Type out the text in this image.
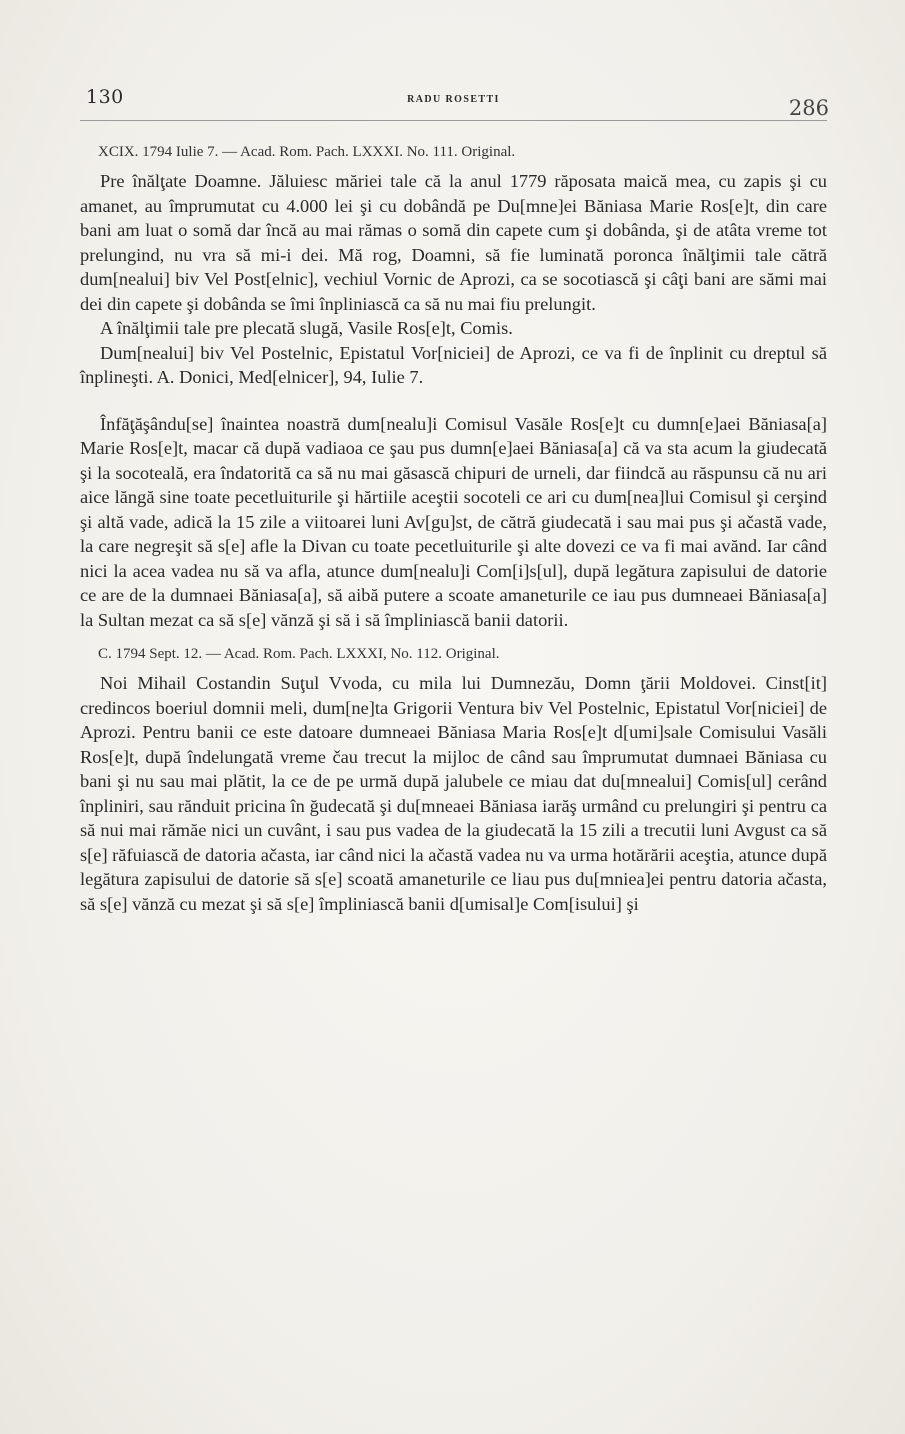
130	RADU ROSETTI	286
XCIX. 1794 Iulie 7. — Acad. Rom. Pach. LXXXI. No. 111. Original.

Pre înălţate Doamne. Jăluiesc măriei tale că la anul 1779 răposata maică mea, cu zapis şi cu amanet, au împrumutat cu 4.000 lei şi cu dobândă pe Du[mne]ei Băniasa Marie Ros[e]t, din care bani am luat o somă dar încă au mai rămas o somă din capete cum şi dobânda, şi de atâta vreme tot prelungind, nu vra să mi-i dei. Mă rog, Doamni, să fie luminată poronca înălţimii tale cătră dum[nealui] biv Vel Post[elnic], vechiul Vornic de Aprozi, ca se socotiască şi câţi bani are sămi mai dei din capete şi dobânda se îmi înpliniască ca să nu mai fiu prelungit.

A înălţimii tale pre plecată slugă, Vasile Ros[e]t, Comis.

Dum[nealui] biv Vel Postelnic, Epistatul Vor[niciei] de Aprozi, ce va fi de înplinit cu dreptul să înplineşti. A. Donici, Med[elnicer], 94, Iulie 7.

Înfăţăşându[se] înaintea noastră dum[nealu]i Comisul Vasăle Ros[e]t cu dumn[e]aei Băniasa[a] Marie Ros[e]t, macar că după vadiaoa ce şau pus dumn[e]aei Băniasa[a] că va sta acum la giudecată şi la socoteală, era îndatorită ca să nu mai găsască chipuri de urneli, dar fiindcă au răspunsu că nu ari aice lăngă sine toate pecetluiturile şi hărtiile aceştii socoteli ce ari cu dum[nea]lui Comisul şi cerşind şi altă vade, adică la 15 zile a viitoarei luni Av[gu]st, de cătră giudecată i sau mai pus şi ačastă vade, la care negreşit să s[e] afle la Divan cu toate pecetluiturile şi alte dovezi ce va fi mai avănd. Iar când nici la acea vadea nu să va afla, atunce dum[nealu]i Com[i]s[ul], după legătura zapisului de datorie ce are de la dumnaei Băniasa[a], să aibă putere a scoate amaneturile ce iau pus dumneaei Băniasa[a] la Sultan mezat ca să s[e] vănză şi să i să împliniască banii datorii.

C. 1794 Sept. 12. — Acad. Rom. Pach. LXXXI, No. 112. Original.

Noi Mihail Costandin Suţul Vvoda, cu mila lui Dumnezău, Domn ţării Moldovei. Cinst[it] credincos boeriul domnii meli, dum[ne]ta Grigorii Ventura biv Vel Postelnic, Epistatul Vor[niciei] de Aprozi. Pentru banii ce este datoare dumneaei Băniasa Maria Ros[e]t d[umi]sale Comisului Vasăli Ros[e]t, după îndelungată vreme čau trecut la mijloc de când sau împrumutat dumnaei Băniasa cu bani şi nu sau mai plătit, la ce de pe urmă după jalubele ce miau dat du[mnealui] Comis[ul] cerând înpliniri, sau rănduit pricina în ğudecată şi du[mneaei Băniasa iarăş urmând cu prelungiri şi pentru ca să nui mai rămăe nici un cuvânt, i sau pus vadea de la giudecată la 15 zili a trecutii luni Avgust ca să s[e] răfuiască de datoria ačasta, iar când nici la ačastă vadea nu va urma hotărării aceştia, atunce după legătura zapisului de datorie să s[e] scoată amaneturile ce liau pus du[mniea]ei pentru datoria ačasta, să s[e] vănză cu mezat şi să s[e] împliniască banii d[umisal]e Com[isului] şi
